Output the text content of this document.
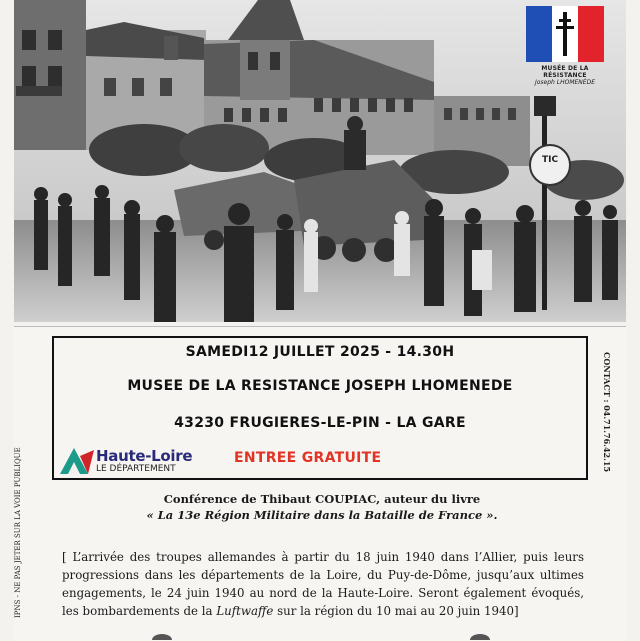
TIC
MUSÉE DE LA RÉSISTANCE
Joseph LHOMENÈDE
IPNS - NE PAS JETER SUR LA VOIE PUBLIQUE
CONTACT : 04.71.76.42.15
SAMEDI12 JUILLET 2025 - 14.30H
MUSEE DE LA RESISTANCE JOSEPH LHOMENEDE
43230 FRUGIERES-LE-PIN - LA GARE
Haute-Loire
LE DÉPARTEMENT
ENTREE GRATUITE
Conférence de Thibaut COUPIAC, auteur du livre
« La 13e Région Militaire dans la Bataille de France ».
[ L’arrivée des troupes allemandes à partir du 18 juin 1940 dans l’Allier, puis leurs progressions dans les départements de la Loire, du Puy-de-Dôme, jusqu’aux ultimes engagements, le 24 juin 1940 au nord de la Haute-Loire. Seront également évoqués, les bombardements de la Luftwaffe sur la région du 10 mai au 20 juin 1940]
